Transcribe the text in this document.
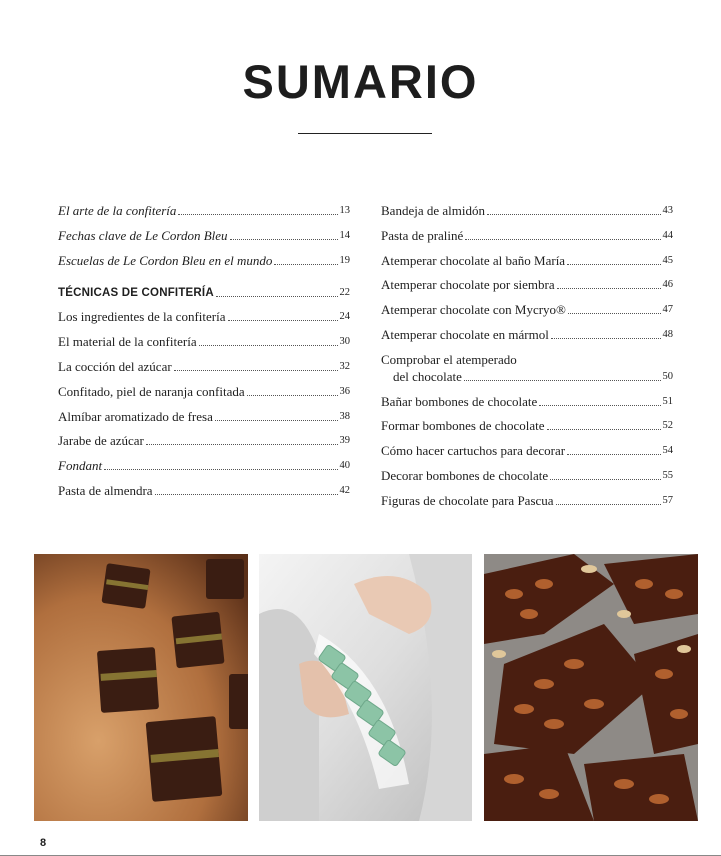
SUMARIO
El arte de la confitería	13
Fechas clave de Le Cordon Bleu	14
Escuelas de Le Cordon Bleu en el mundo	19
TÉCNICAS DE CONFITERÍA	22
Los ingredientes de la confitería	24
El material de la confitería	30
La cocción del azúcar	32
Confitado, piel de naranja confitada	36
Almíbar aromatizado de fresa	38
Jarabe de azúcar	39
Fondant	40
Pasta de almendra	42
Bandeja de almidón	43
Pasta de praliné	44
Atemperar chocolate al baño María	45
Atemperar chocolate por siembra	46
Atemperar chocolate con Mycryo®	47
Atemperar chocolate en mármol	48
Comprobar el atemperado
del chocolate	50
Bañar bombones de chocolate	51
Formar bombones de chocolate	52
Cómo hacer cartuchos para decorar	54
Decorar bombones de chocolate	55
Figuras de chocolate para Pascua	57
8
